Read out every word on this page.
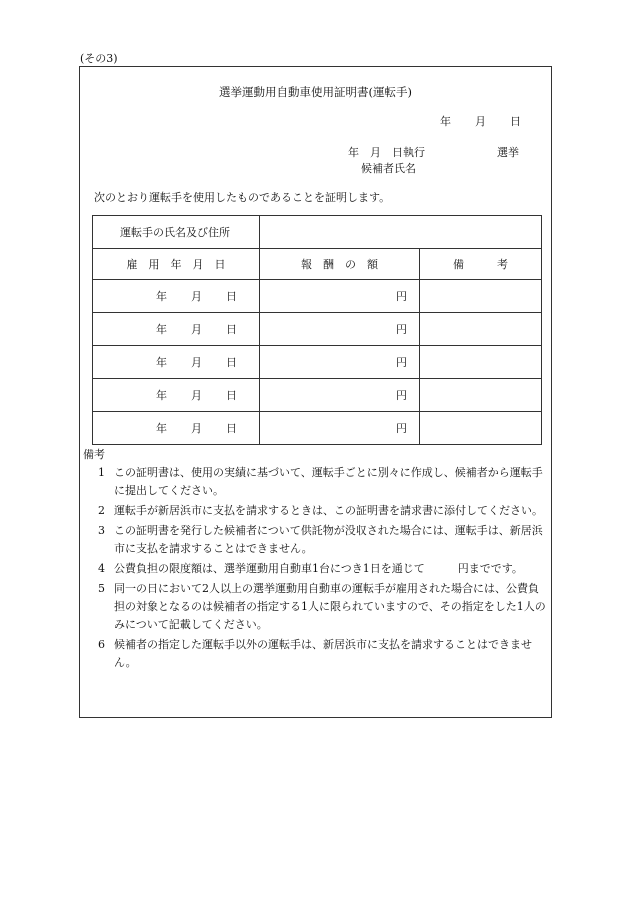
(その3)
選挙運動用自動車使用証明書(運転手)
年 月 日
年　月　日執行	選挙
候補者氏名
次のとおり運転手を使用したものであることを証明します。
運転手の氏名及び住所		
雇　用　年　月　日	報　酬　の　額	備　　　考

年 月 日	円	

年 月 日	円	

年 月 日	円	

年 月 日	円	

年 月 日	円	
備考
1 この証明書は、使用の実績に基づいて、運転手ごとに別々に作成し、候補者から運転手に提出してください。
2 運転手が新居浜市に支払を請求するときは、この証明書を請求書に添付してください。
3 この証明書を発行した候補者について供託物が没収された場合には、運転手は、新居浜市に支払を請求することはできません。
4 公費負担の限度額は、選挙運動用自動車1台につき1日を通じて　　　円までです。
5 同一の日において2人以上の選挙運動用自動車の運転手が雇用された場合には、公費負担の対象となるのは候補者の指定する1人に限られていますので、その指定をした1人のみについて記載してください。
6 候補者の指定した運転手以外の運転手は、新居浜市に支払を請求することはできません。
